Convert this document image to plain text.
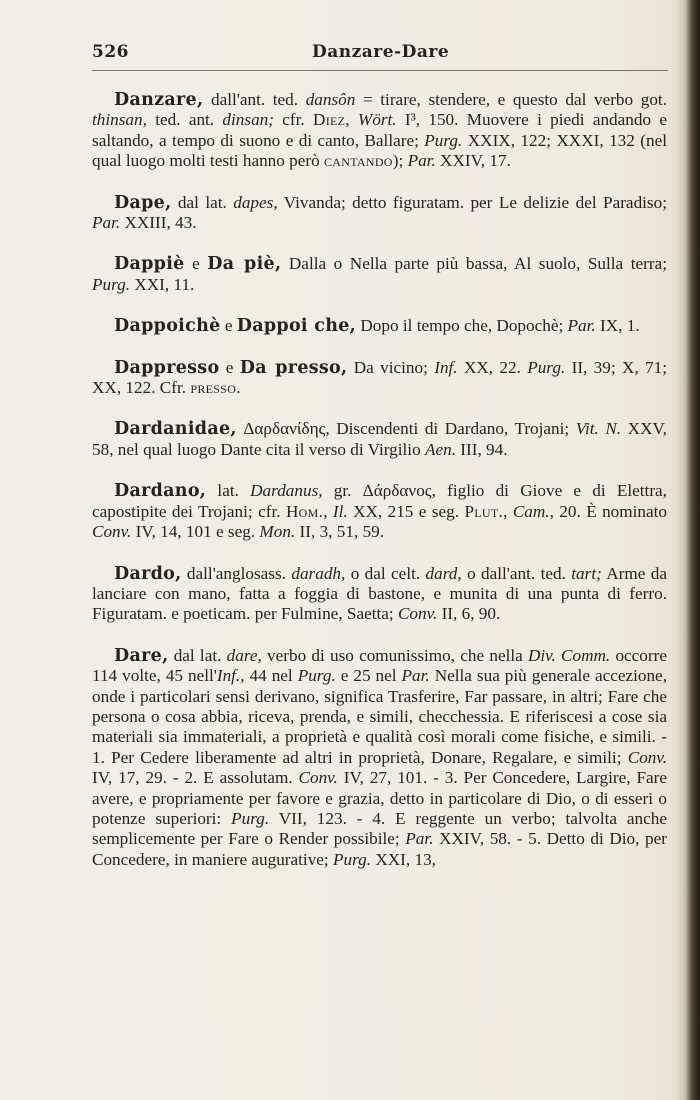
526	Danzare-Dare

Danzare, dall'ant. ted. dansôn = tirare, stendere, e questo dal verbo got. thinsan, ted. ant. dinsan; cfr. Diez, Wört. I³, 150. Muovere i piedi andando e saltando, a tempo di suono e di canto, Ballare; Purg. XXIX, 122; XXXI, 132 (nel qual luogo molti testi hanno però cantando); Par. XXIV, 17.

Dape, dal lat. dapes, Vivanda; detto figuratam. per Le delizie del Paradiso; Par. XXIII, 43.

Dappiè e Da piè, Dalla o Nella parte più bassa, Al suolo, Sulla terra; Purg. XXI, 11.

Dappoichè e Dappoi che, Dopo il tempo che, Dopochè; Par. IX, 1.

Dappresso e Da presso, Da vicino; Inf. XX, 22. Purg. II, 39; X, 71; XX, 122. Cfr. presso.

Dardanidae, Δαρδανίδης, Discendenti di Dardano, Trojani; Vit. N. XXV, 58, nel qual luogo Dante cita il verso di Virgilio Aen. III, 94.

Dardano, lat. Dardanus, gr. Δάρδανος, figlio di Giove e di Elettra, capostipite dei Trojani; cfr. Hom., Il. XX, 215 e seg. Plut., Cam., 20. È nominato Conv. IV, 14, 101 e seg. Mon. II, 3, 51, 59.

Dardo, dall'anglosass. daradh, o dal celt. dard, o dall'ant. ted. tart; Arme da lanciare con mano, fatta a foggia di bastone, e munita di una punta di ferro. Figuratam. e poeticam. per Fulmine, Saetta; Conv. II, 6, 90.

Dare, dal lat. dare, verbo di uso comunissimo, che nella Div. Comm. occorre 114 volte, 45 nell'Inf., 44 nel Purg. e 25 nel Par. Nella sua più generale accezione, onde i particolari sensi derivano, significa Trasferire, Far passare, in altri; Fare che persona o cosa abbia, riceva, prenda, e simili, checchessia. E riferiscesi a cose sia materiali sia immateriali, a proprietà e qualità così morali come fisiche, e simili. - 1. Per Cedere liberamente ad altri in proprietà, Donare, Regalare, e simili; Conv. IV, 17, 29. - 2. E assolutam. Conv. IV, 27, 101. - 3. Per Concedere, Largire, Fare avere, e propriamente per favore e grazia, detto in particolare di Dio, o di esseri o potenze superiori: Purg. VII, 123. - 4. E reggente un verbo; talvolta anche semplicemente per Fare o Render possibile; Par. XXIV, 58. - 5. Detto di Dio, per Concedere, in maniere augurative; Purg. XXI, 13,
